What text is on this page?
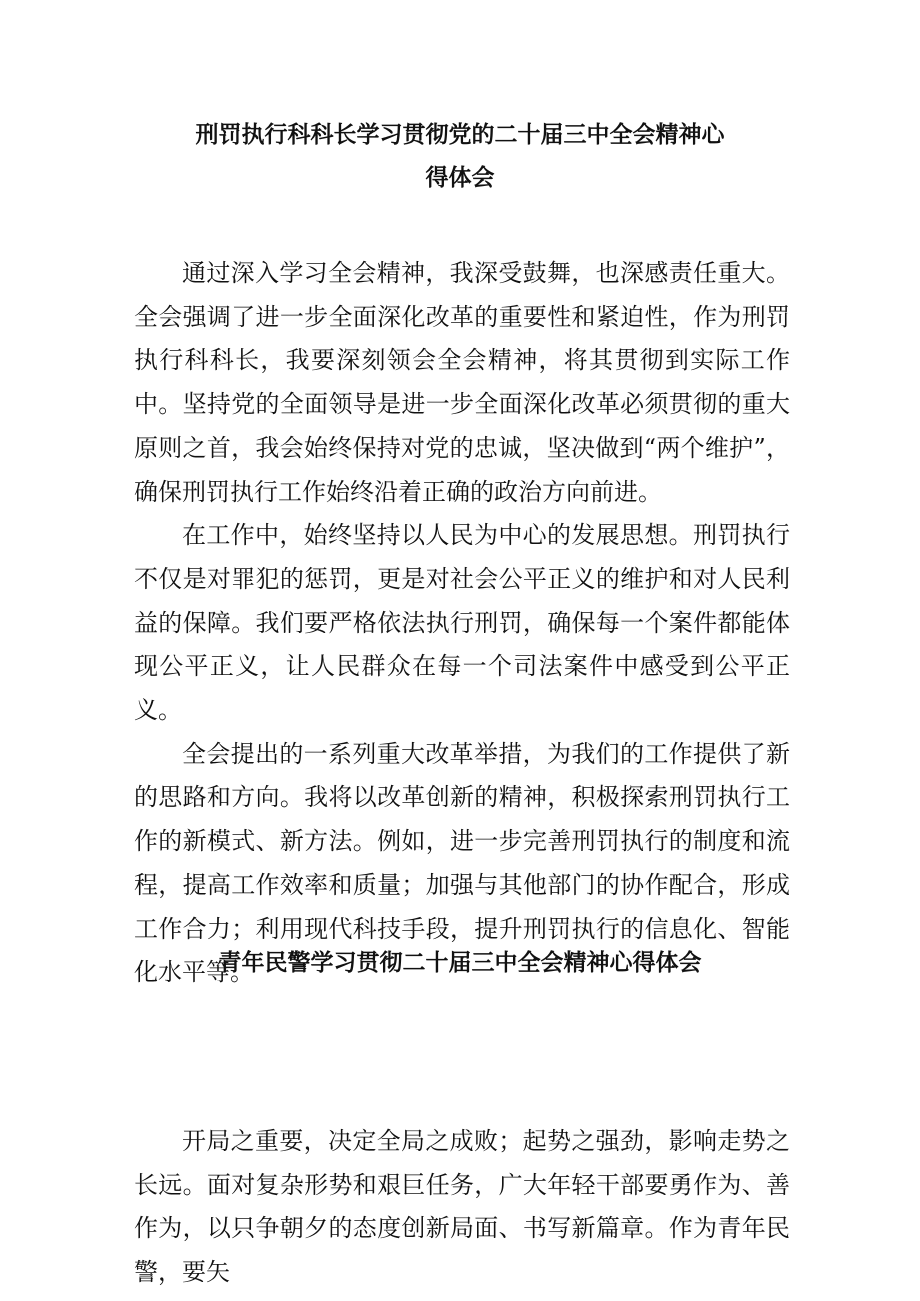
刑罚执行科科长学习贯彻党的二十届三中全会精神心
得体会

通过深入学习全会精神，我深受鼓舞，也深感责任重大。全会强调了进一步全面深化改革的重要性和紧迫性，作为刑罚执行科科长，我要深刻领会全会精神，将其贯彻到实际工作中。坚持党的全面领导是进一步全面深化改革必须贯彻的重大原则之首，我会始终保持对党的忠诚，坚决做到“两个维护”，确保刑罚执行工作始终沿着正确的政治方向前进。

在工作中，始终坚持以人民为中心的发展思想。刑罚执行不仅是对罪犯的惩罚，更是对社会公平正义的维护和对人民利益的保障。我们要严格依法执行刑罚，确保每一个案件都能体现公平正义，让人民群众在每一个司法案件中感受到公平正义。

全会提出的一系列重大改革举措，为我们的工作提供了新的思路和方向。我将以改革创新的精神，积极探索刑罚执行工作的新模式、新方法。例如，进一步完善刑罚执行的制度和流程，提高工作效率和质量；加强与其他部门的协作配合，形成工作合力；利用现代科技手段，提升刑罚执行的信息化、智能化水平等。

青年民警学习贯彻二十届三中全会精神心得体会

开局之重要，决定全局之成败；起势之强劲，影响走势之长远。面对复杂形势和艰巨任务，广大年轻干部要勇作为、善作为，以只争朝夕的态度创新局面、书写新篇章。作为青年民警，要矢
